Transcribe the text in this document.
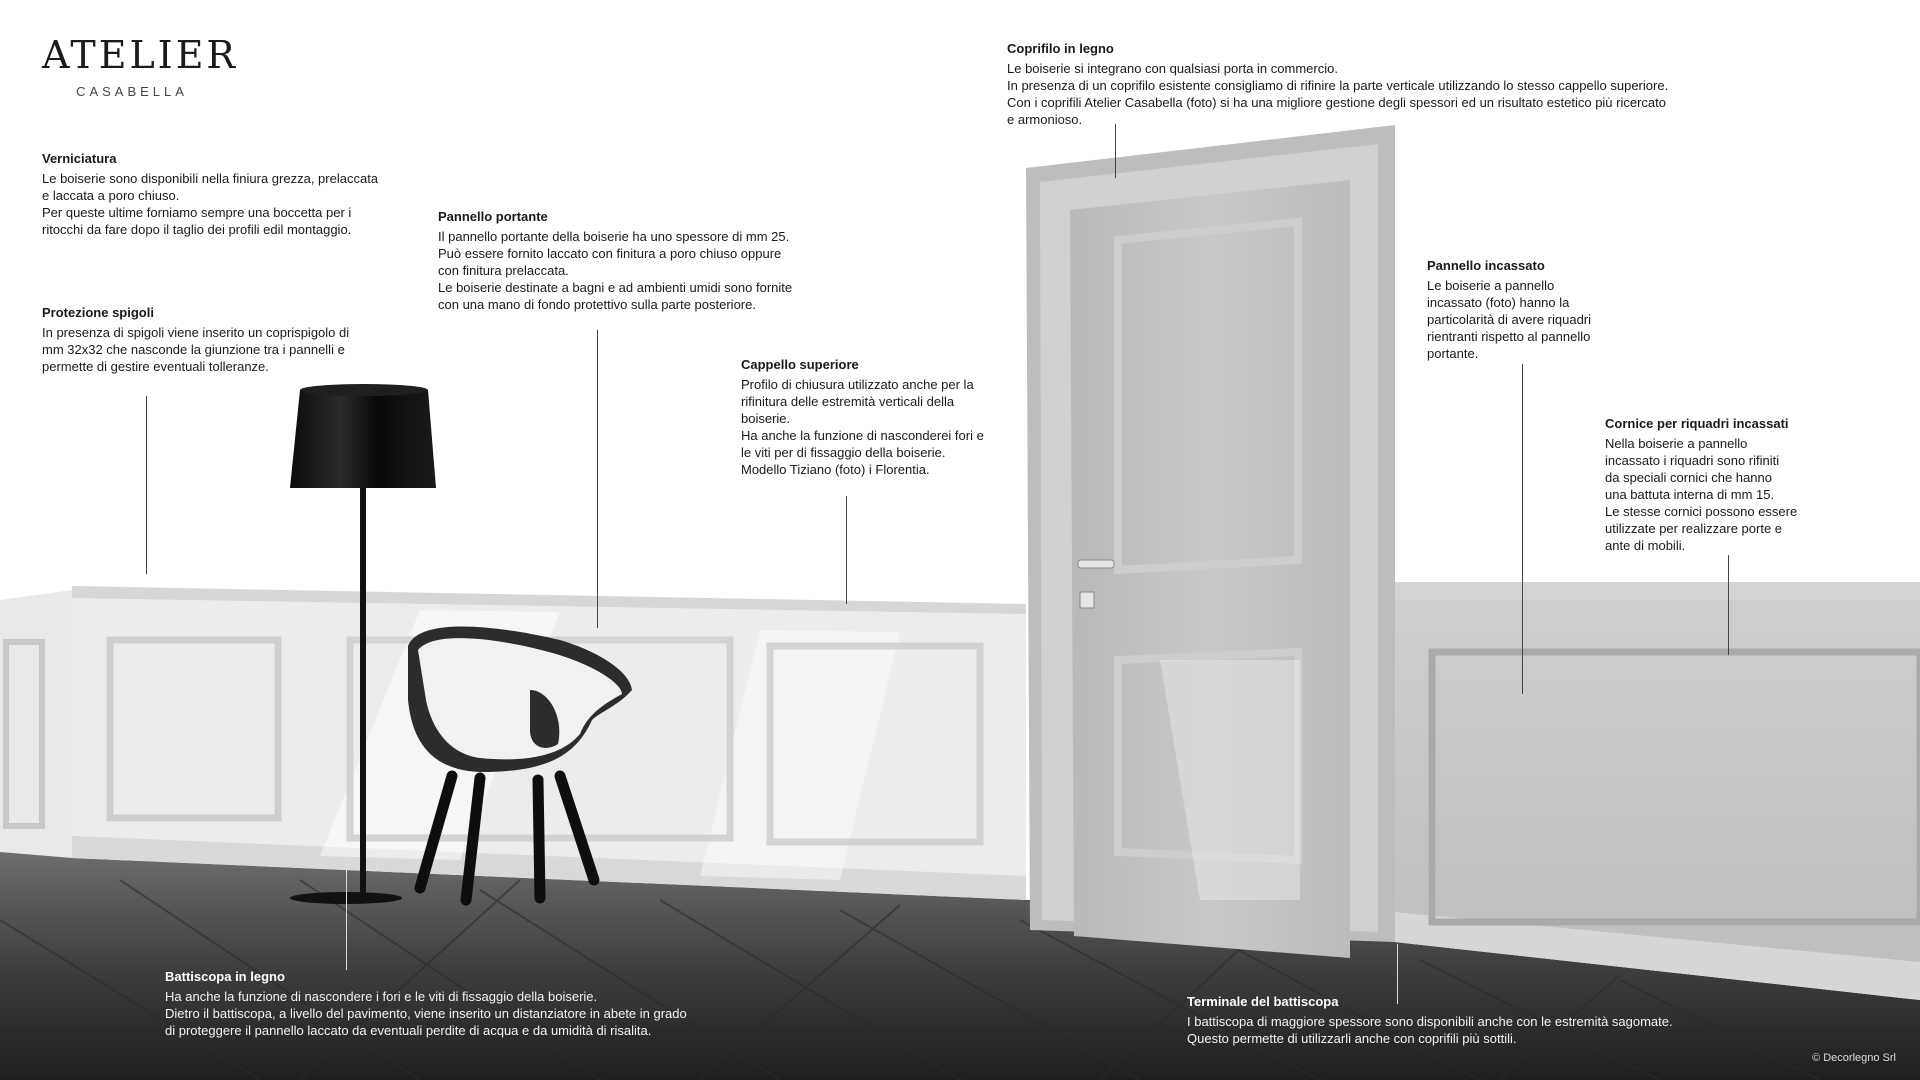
ATELIER
CASABELLA
Verniciatura

Le boiserie sono disponibili nella finiura grezza, prelaccata
e laccata a poro chiuso.
Per queste ultime forniamo sempre una boccetta per i
ritocchi da fare dopo il taglio dei profili edil montaggio.

Protezione spigoli

In presenza di spigoli viene inserito un coprispigolo di
mm 32x32 che nasconde la giunzione tra i pannelli e
permette di gestire eventuali tolleranze.

Pannello portante

Il pannello portante della boiserie ha uno spessore di mm 25.
Può essere fornito laccato con finitura a poro chiuso oppure
con finitura prelaccata.
Le boiserie destinate a bagni e ad ambienti umidi sono fornite
con una mano di fondo protettivo sulla parte posteriore.

Cappello superiore

Profilo di chiusura utilizzato anche per la
rifinitura delle estremità verticali della
boiserie.
Ha anche la funzione di nasconderei fori e
le viti per di fissaggio della boiserie.
Modello Tiziano (foto) i Florentia.

Coprifilo in legno

Le boiserie si integrano con qualsiasi porta in commercio.
In presenza di un coprifilo esistente consigliamo di rifinire la parte verticale utilizzando lo stesso cappello superiore.
Con i coprifili Atelier Casabella (foto) si ha una migliore gestione degli spessori ed un risultato estetico più ricercato
e armonioso.

Pannello incassato

Le boiserie a pannello
incassato (foto) hanno la
particolarità di avere riquadri
rientranti rispetto al pannello
portante.

Cornice per riquadri incassati

Nella boiserie a pannello
incassato i riquadri sono rifiniti
da speciali cornici che hanno
una battuta interna di mm 15.
Le stesse cornici possono essere
utilizzate per realizzare porte e
ante di mobili.

Battiscopa in legno

Ha anche la funzione di nascondere i fori e le viti di fissaggio della boiserie.
Dietro il battiscopa, a livello del pavimento, viene inserito un distanziatore in abete in grado
di proteggere il pannello laccato da eventuali perdite di acqua e da umidità di risalita.

Terminale del battiscopa

I battiscopa di maggiore spessore sono disponibili anche con le estremità sagomate.
Questo permette di utilizzarli anche con coprifili più sottili.

© Decorlegno Srl
